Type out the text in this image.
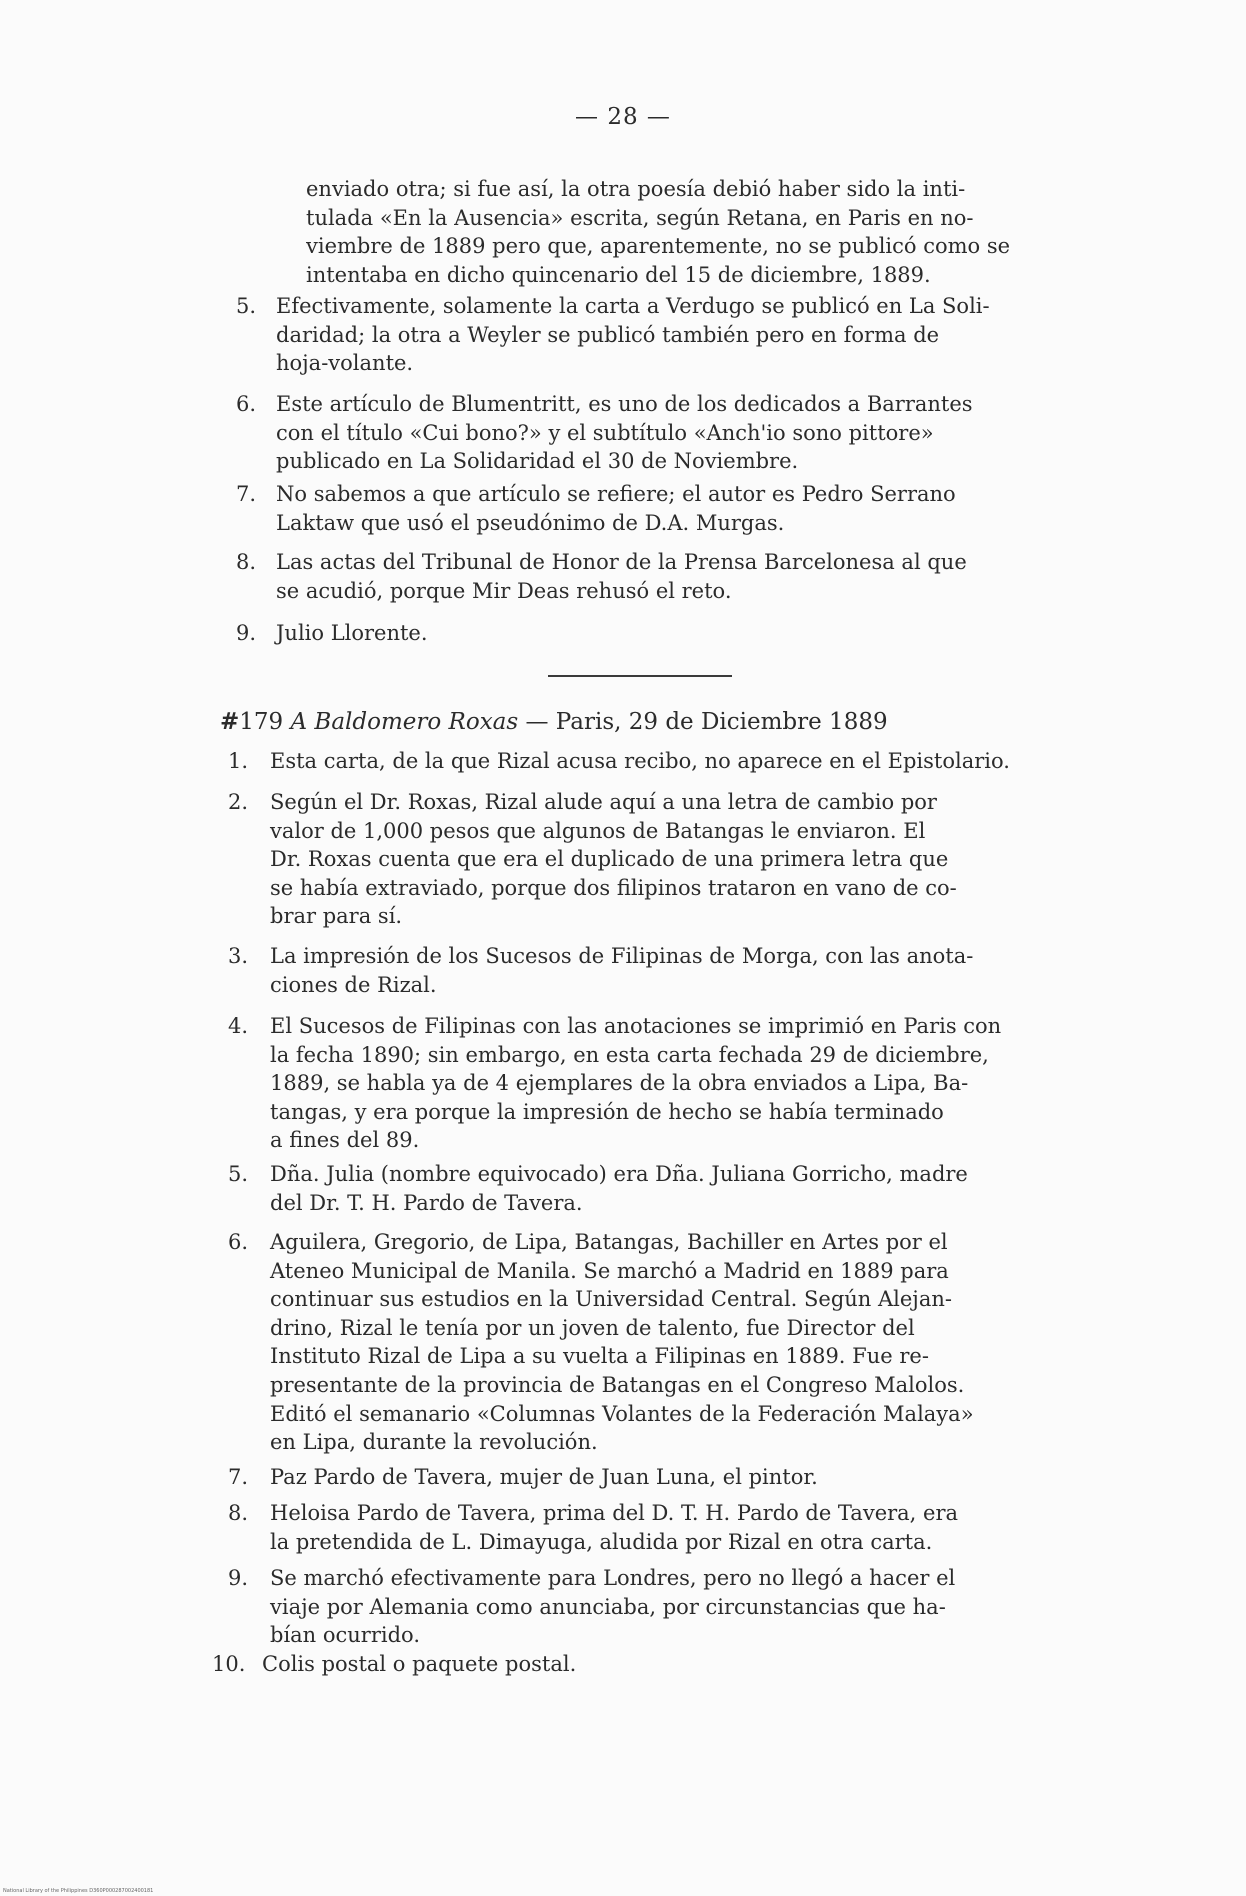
— 28 —
enviado otra; si fue así, la otra poesía debió haber sido la inti-
tulada «En la Ausencia» escrita, según Retana, en Paris en no-
viembre de 1889 pero que, aparentemente, no se publicó como se
intentaba en dicho quincenario del 15 de diciembre, 1889.
5. Efectivamente, solamente la carta a Verdugo se publicó en La Soli-
daridad; la otra a Weyler se publicó también pero en forma de
hoja-volante.
6. Este artículo de Blumentritt, es uno de los dedicados a Barrantes
con el título «Cui bono?» y el subtítulo «Anch'io sono pittore»
publicado en La Solidaridad el 30 de Noviembre.
7. No sabemos a que artículo se refiere; el autor es Pedro Serrano
Laktaw que usó el pseudónimo de D.A. Murgas.
8. Las actas del Tribunal de Honor de la Prensa Barcelonesa al que
se acudió, porque Mir Deas rehusó el reto.
9. Julio Llorente.
#179 A Baldomero Roxas — Paris, 29 de Diciembre 1889
1. Esta carta, de la que Rizal acusa recibo, no aparece en el Epistolario.
2. Según el Dr. Roxas, Rizal alude aquí a una letra de cambio por
valor de 1,000 pesos que algunos de Batangas le enviaron. El
Dr. Roxas cuenta que era el duplicado de una primera letra que
se había extraviado, porque dos filipinos trataron en vano de co-
brar para sí.
3. La impresión de los Sucesos de Filipinas de Morga, con las anota-
ciones de Rizal.
4. El Sucesos de Filipinas con las anotaciones se imprimió en Paris con
la fecha 1890; sin embargo, en esta carta fechada 29 de diciembre,
1889, se habla ya de 4 ejemplares de la obra enviados a Lipa, Ba-
tangas, y era porque la impresión de hecho se había terminado
a fines del 89.
5. Dña. Julia (nombre equivocado) era Dña. Juliana Gorricho, madre
del Dr. T. H. Pardo de Tavera.
6. Aguilera, Gregorio, de Lipa, Batangas, Bachiller en Artes por el
Ateneo Municipal de Manila. Se marchó a Madrid en 1889 para
continuar sus estudios en la Universidad Central. Según Alejan-
drino, Rizal le tenía por un joven de talento, fue Director del
Instituto Rizal de Lipa a su vuelta a Filipinas en 1889. Fue re-
presentante de la provincia de Batangas en el Congreso Malolos.
Editó el semanario «Columnas Volantes de la Federación Malaya»
en Lipa, durante la revolución.
7. Paz Pardo de Tavera, mujer de Juan Luna, el pintor.
8. Heloisa Pardo de Tavera, prima del D. T. H. Pardo de Tavera, era
la pretendida de L. Dimayuga, aludida por Rizal en otra carta.
9. Se marchó efectivamente para Londres, pero no llegó a hacer el
viaje por Alemania como anunciaba, por circunstancias que ha-
bían ocurrido.
10. Colis postal o paquete postal.
National Library of the Philippines D360P000287002400181
